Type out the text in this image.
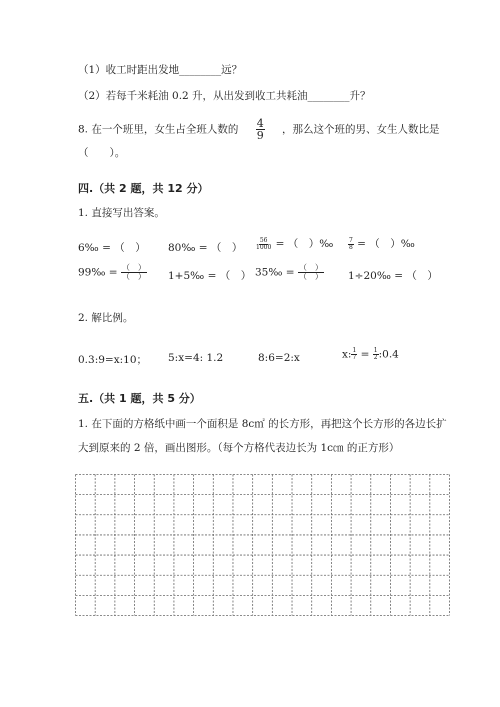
（1）收工时距出发地________远？
（2）若每千米耗油 0.2 升，从出发到收工共耗油________升？
8. 在一个班里，女生占全班人数的 $\frac{4}{9}$ ，那么这个班的男、女生人数比是
（　　）。
四.（共 2 题，共 12 分）
1. 直接写出答案。
6‰ = （　） 80‰ = （　） $\frac{56}{1000}$ = （　）‰ $\frac{7}{8}$ = （　）‰
99‰ = $\frac{( )}{( )}$ 1+5‰ = （　） 35‰ = $\frac{( )}{( )}$ 1÷20‰ = （　）
2. 解比例。
0.3:9=x:10； 5:x=4: 1.2	8:6=2:x	x: $\frac{1}{7} = \frac{1}{2}$ :0.4
五.（共 1 题，共 5 分）
1. 在下面的方格纸中画一个面积是 8c㎡ 的长方形，再把这个长方形的各边长扩
大到原来的 2 倍，画出图形。（每个方格代表边长为 1c㎝ 的正方形）
